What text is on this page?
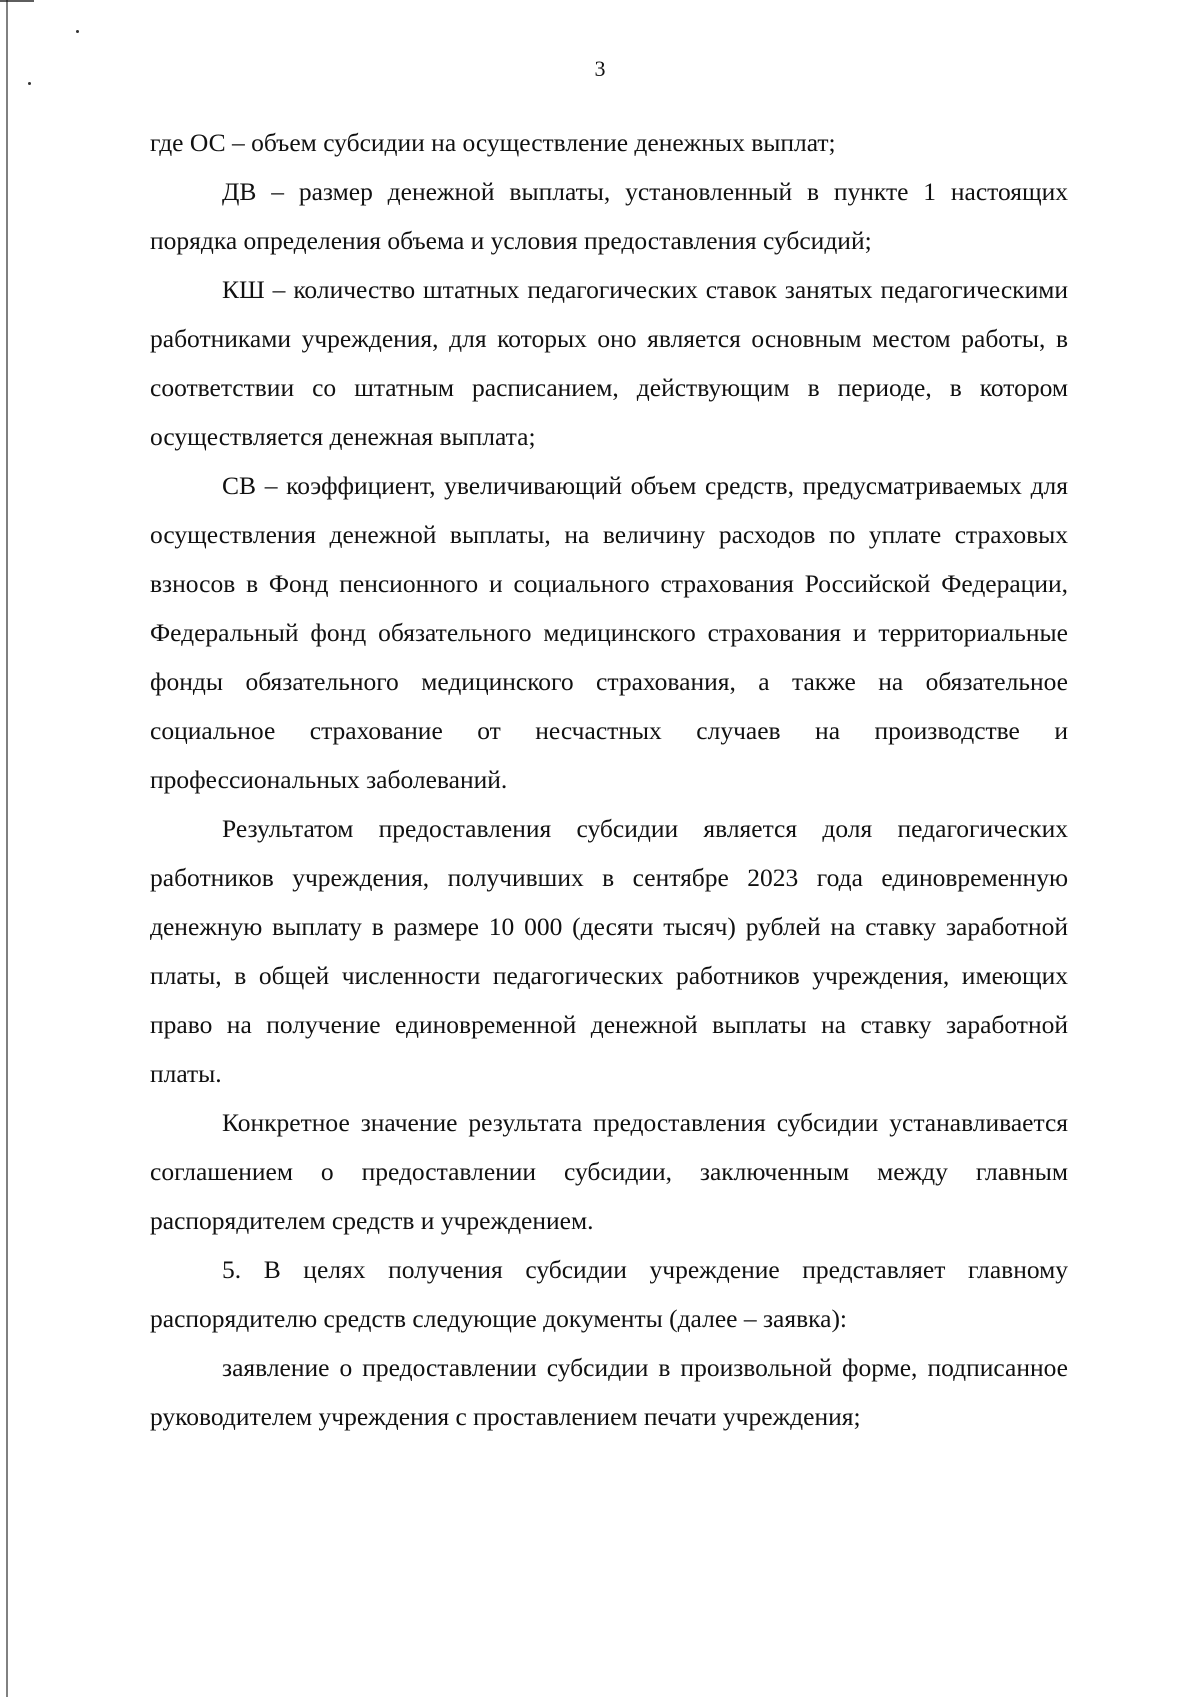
3

где ОС – объем субсидии на осуществление денежных выплат;

ДВ – размер денежной выплаты, установленный в пункте 1 настоящих порядка определения объема и условия предоставления субсидий;

КШ – количество штатных педагогических ставок занятых педагогическими работниками учреждения, для которых оно является основным местом работы, в соответствии со штатным расписанием, действующим в периоде, в котором осуществляется денежная выплата;

СВ – коэффициент, увеличивающий объем средств, предусматриваемых для осуществления денежной выплаты, на величину расходов по уплате страховых взносов в Фонд пенсионного и социального страхования Российской Федерации, Федеральный фонд обязательного медицинского страхования и территориальные фонды обязательного медицинского страхования, а также на обязательное социальное страхование от несчастных случаев на производстве и профессиональных заболеваний.

Результатом предоставления субсидии является доля педагогических работников учреждения, получивших в сентябре 2023 года единовременную денежную выплату в размере 10 000 (десяти тысяч) рублей на ставку заработной платы, в общей численности педагогических работников учреждения, имеющих право на получение единовременной денежной выплаты на ставку заработной платы.

Конкретное значение результата предоставления субсидии устанавливается соглашением о предоставлении субсидии, заключенным между главным распорядителем средств и учреждением.

5. В целях получения субсидии учреждение представляет главному распорядителю средств следующие документы (далее – заявка):

заявление о предоставлении субсидии в произвольной форме, подписанное руководителем учреждения с проставлением печати учреждения;
